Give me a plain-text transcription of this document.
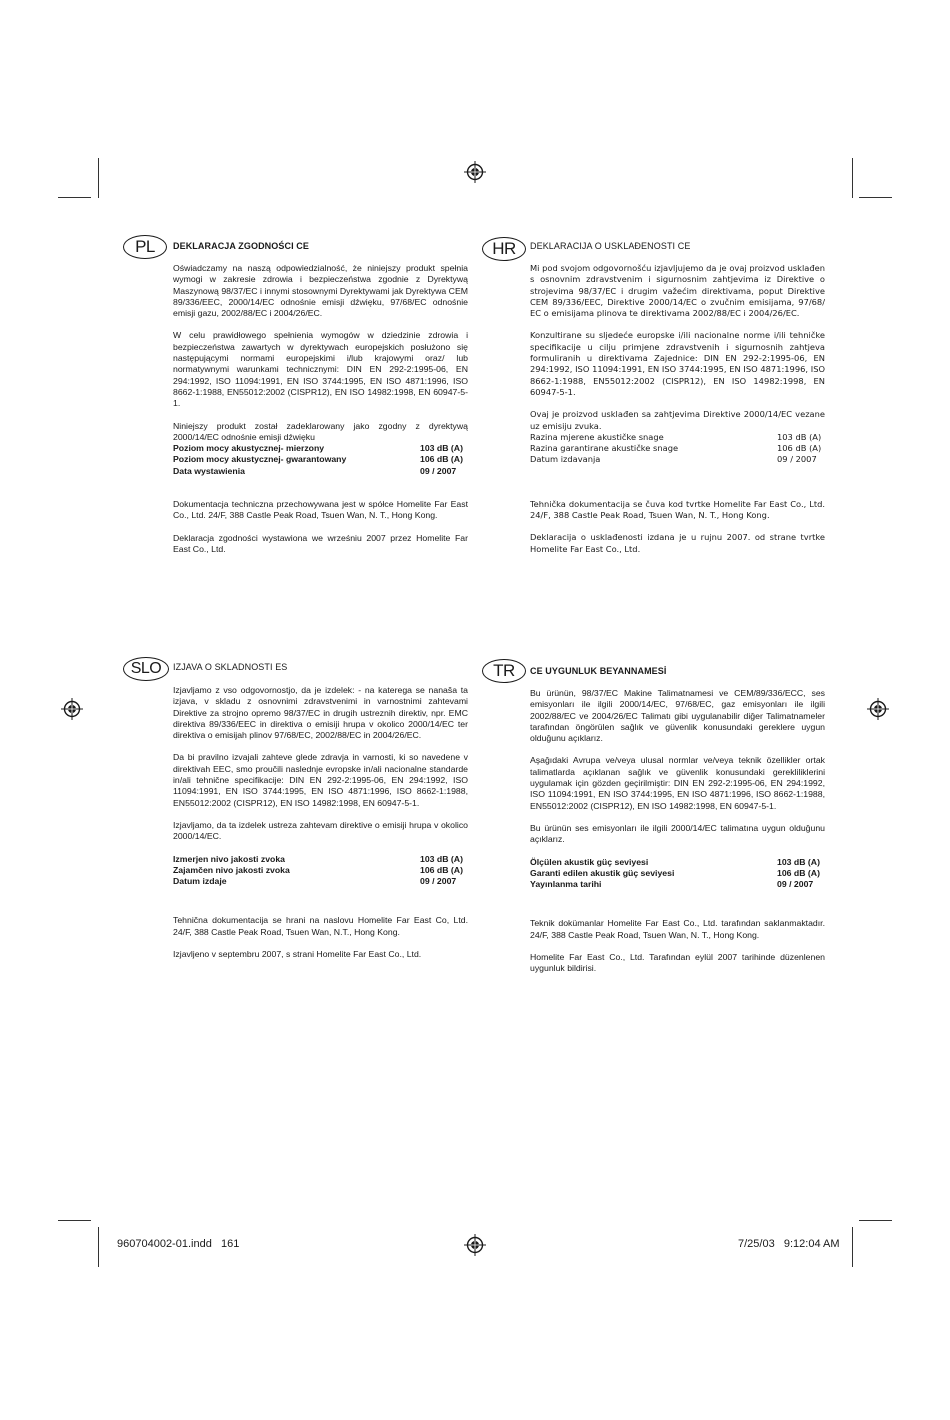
PL	DEKLARACJA ZGODNOŚCI CE

Oświadczamy na naszą odpowiedzialność, że niniejszy produkt spełnia wymogi w zakresie zdrowia i bezpieczeństwa zgodnie z Dyrektywą Maszynową 98/37/EC i innymi stosownymi Dyrektywami jak Dyrektywa CEM 89/336/EEC, 2000/14/EC odnośnie emisji dźwięku, 97/68/EC odnośnie emisji gazu, 2002/88/EC i 2004/26/EC.

W celu prawidłowego spełnienia wymogów w dziedzinie zdrowia i bezpieczeństwa zawartych w dyrektywach europejskich posłużono się następującymi normami europejskimi i/lub krajowymi oraz/ lub normatywnymi warunkami technicznymi: DIN EN 292-2:1995-06, EN 294:1992, ISO 11094:1991, EN ISO 3744:1995, EN ISO 4871:1996, ISO 8662-1:1988, EN55012:2002 (CISPR12), EN ISO 14982:1998, EN 60947-5-1.

Niniejszy produkt został zadeklarowany jako zgodny z dyrektywą 2000/14/EC odnośnie emisji dźwięku

Poziom mocy akustycznej- mierzony	103 dB (A)
Poziom mocy akustycznej- gwarantowany	106 dB (A)
Data wystawienia	09 / 2007

Dokumentacja techniczna przechowywana jest w spółce Homelite Far East Co., Ltd. 24/F, 388 Castle Peak Road, Tsuen Wan, N. T., Hong Kong.

Deklaracja zgodności wystawiona we wrześniu 2007 przez Homelite Far East Co., Ltd.

HR	DEKLARACIJA O USKLAĐENOSTI CE

Mi pod svojom odgovornošću izjavljujemo da je ovaj proizvod usklađen s osnovnim zdravstvenim i sigurnosnim zahtjevima iz Direktive o strojevima 98/37/EC i drugim važećim direktivama, poput Direktive CEM 89/336/EEC, Direktive 2000/14/EC o zvučnim emisijama, 97/68/ EC o emisijama plinova te direktivama 2002/88/EC i 2004/26/EC.

Konzultirane su sljedeće europske i/ili nacionalne norme i/ili tehničke specifikacije u cilju primjene zdravstvenih i sigurnosnih zahtjeva formuliranih u direktivama Zajednice: DIN EN 292-2:1995-06, EN 294:1992, ISO 11094:1991, EN ISO 3744:1995, EN ISO 4871:1996, ISO 8662-1:1988, EN55012:2002 (CISPR12), EN ISO 14982:1998, EN 60947-5-1.

Ovaj je proizvod usklađen sa zahtjevima Direktive 2000/14/EC vezane uz emisiju zvuka.

Razina mjerene akustičke snage	103 dB (A)
Razina garantirane akustičke snage	106 dB (A)
Datum izdavanja	09 / 2007

Tehnička dokumentacija se čuva kod tvrtke Homelite Far East Co., Ltd. 24/F, 388 Castle Peak Road, Tsuen Wan, N. T., Hong Kong.

Deklaracija o usklađenosti izdana je u rujnu 2007. od strane tvrtke Homelite Far East Co., Ltd.

SLO	IZJAVA O SKLADNOSTI ES

Izjavljamo z vso odgovornostjo, da je izdelek: - na katerega se nanaša ta izjava, v skladu z osnovnimi zdravstvenimi in varnostnimi zahtevami Direktive za strojno opremo 98/37/EC in drugih ustreznih direktiv, npr. EMC direktiva 89/336/EEC in direktiva o emisiji hrupa v okolico 2000/14/EC ter direktiva o emisijah plinov 97/68/EC, 2002/88/EC in 2004/26/EC.

Da bi pravilno izvajali zahteve glede zdravja in varnosti, ki so navedene v direktivah EEC, smo proučili naslednje evropske in/ali nacionalne standarde in/ali tehnične specifikacije: DIN EN 292-2:1995-06, EN 294:1992, ISO 11094:1991, EN ISO 3744:1995, EN ISO 4871:1996, ISO 8662-1:1988, EN55012:2002 (CISPR12), EN ISO 14982:1998, EN 60947-5-1.

Izjavljamo, da ta izdelek ustreza zahtevam direktive o emisiji hrupa v okolico 2000/14/EC.

Izmerjen nivo jakosti zvoka	103 dB (A)
Zajamčen nivo jakosti zvoka	106 dB (A)
Datum izdaje	09 / 2007

Tehnična dokumentacija se hrani na naslovu Homelite Far East Co, Ltd. 24/F, 388 Castle Peak Road, Tsuen Wan, N.T., Hong Kong.

Izjavljeno v septembru 2007, s strani Homelite Far East Co., Ltd.

TR	CE UYGUNLUK BEYANNAMESİ

Bu ürünün, 98/37/EC Makine Talimatnamesi ve CEM/89/336/ECC, ses emisyonları ile ilgili 2000/14/EC, 97/68/EC, gaz emisyonları ile ilgili 2002/88/EC ve 2004/26/EC Talimatı gibi uygulanabilir diğer Talimatnameler tarafından öngörülen sağlık ve güvenlik konusundaki gereklere uygun olduğunu açıklarız.

Aşağıdaki Avrupa ve/veya ulusal normlar ve/veya teknik özellikler ortak talimatlarda açıklanan sağlık ve güvenlik konusundaki gerekliliklerini uygulamak için gözden geçirilmiştir: DIN EN 292-2:1995-06, EN 294:1992, ISO 11094:1991, EN ISO 3744:1995, EN ISO 4871:1996, ISO 8662-1:1988, EN55012:2002 (CISPR12), EN ISO 14982:1998, EN 60947-5-1.

Bu ürünün ses emisyonları ile ilgili 2000/14/EC talimatına uygun olduğunu açıklarız.

Ölçülen akustik güç seviyesi	103 dB (A)
Garanti edilen akustik güç seviyesi	106 dB (A)
Yayınlanma tarihi	09 / 2007

Teknik dokümanlar Homelite Far East Co., Ltd. tarafından saklanmaktadır. 24/F, 388 Castle Peak Road, Tsuen Wan, N. T., Hong Kong.

Homelite Far East Co., Ltd. Tarafından eylül 2007 tarihinde düzenlenen uygunluk bildirisi.

960704002-01.indd   161	7/25/03   9:12:04 AM
